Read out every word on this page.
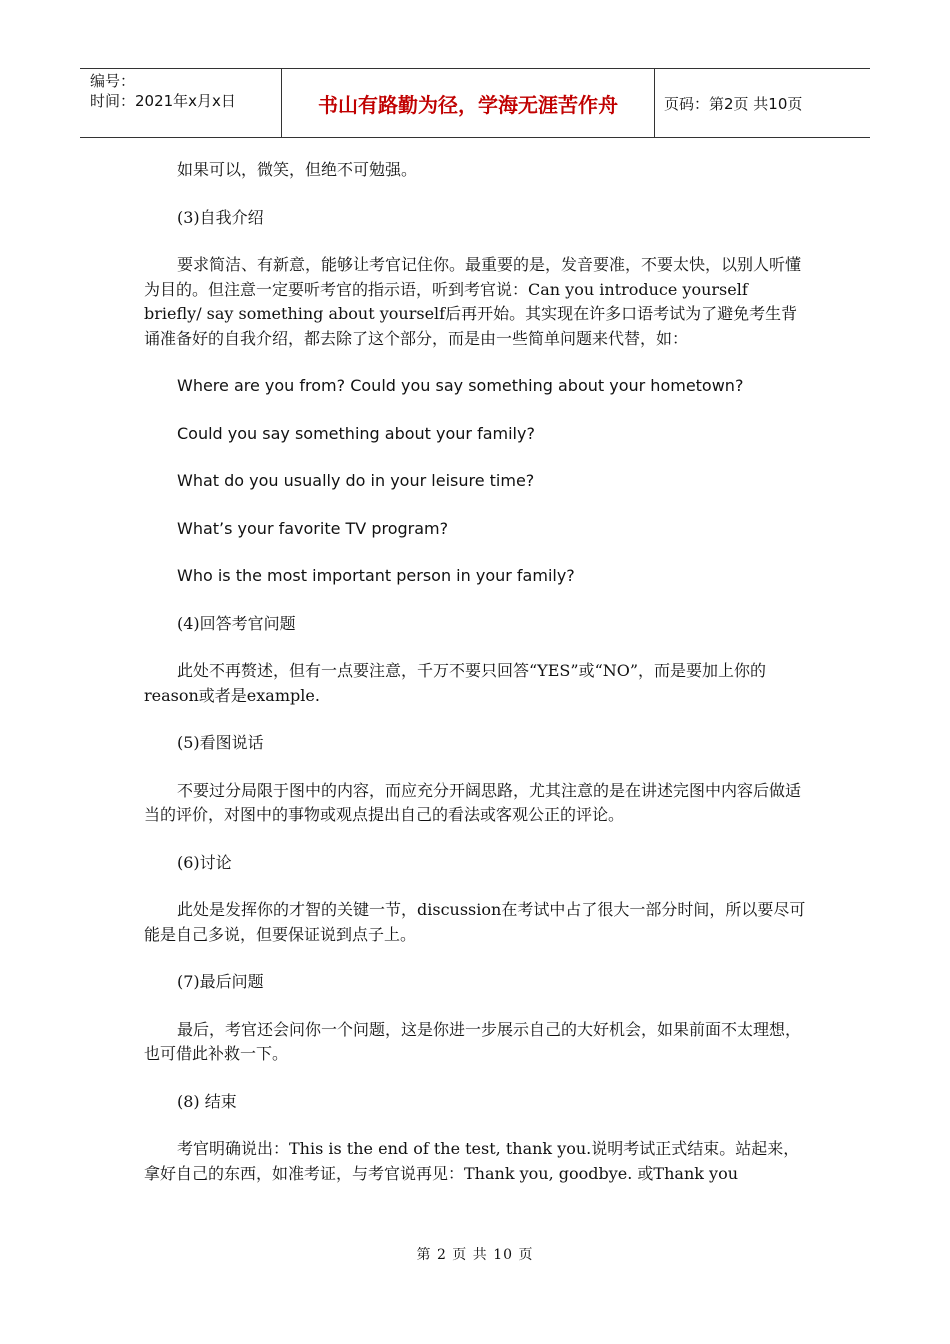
编号：
时间：2021年x月x日	书山有路勤为径，学海无涯苦作舟	页码：第2页 共10页

如果可以，微笑，但绝不可勉强。

(3)自我介绍

要求简洁、有新意，能够让考官记住你。最重要的是，发音要准，不要太快，以别人听懂为目的。但注意一定要听考官的指示语，听到考官说：Can you introduce yourself briefly/ say something about yourself后再开始。其实现在许多口语考试为了避免考生背诵准备好的自我介绍，都去除了这个部分，而是由一些简单问题来代替，如：

Where are you from? Could you say something about your hometown?

Could you say something about your family?

What do you usually do in your leisure time?

What’s your favorite TV program?

Who is the most important person in your family?

(4)回答考官问题

此处不再赘述，但有一点要注意，千万不要只回答“YES”或“NO”，而是要加上你的reason或者是example.

(5)看图说话

不要过分局限于图中的内容，而应充分开阔思路，尤其注意的是在讲述完图中内容后做适当的评价，对图中的事物或观点提出自己的看法或客观公正的评论。

(6)讨论

此处是发挥你的才智的关键一节，discussion在考试中占了很大一部分时间，所以要尽可能是自己多说，但要保证说到点子上。

(7)最后问题

最后，考官还会问你一个问题，这是你进一步展示自己的大好机会，如果前面不太理想，也可借此补救一下。

(8) 结束

考官明确说出：This is the end of the test, thank you.说明考试正式结束。站起来，拿好自己的东西，如准考证，与考官说再见：Thank you, goodbye. 或Thank you

第 2 页 共 10 页
